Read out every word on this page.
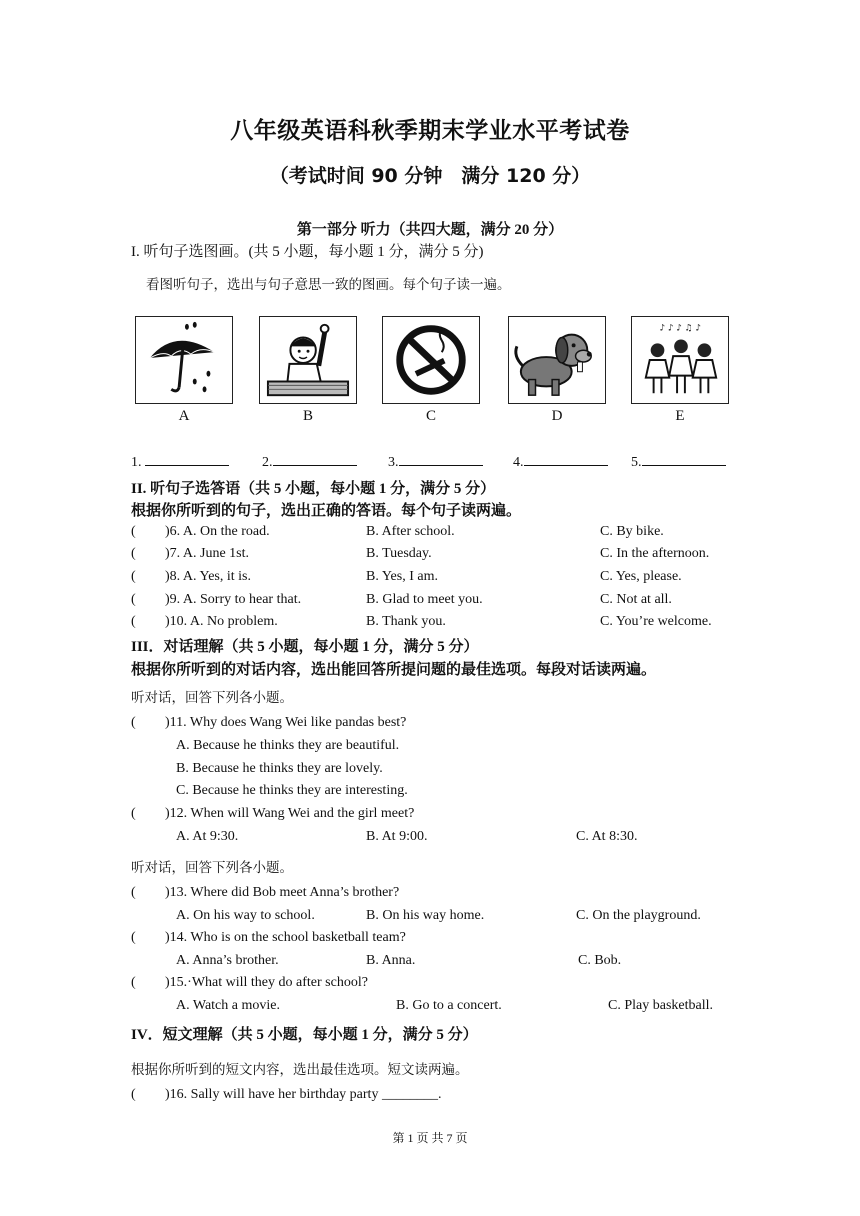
八年级英语科秋季期末学业水平考试卷
（考试时间 90 分钟　满分 120 分）
第一部分 听力（共四大题，满分 20 分）
I. 听句子选图画。(共 5 小题，每小题 1 分，满分 5 分)
看图听句子，选出与句子意思一致的图画。每个句子读一遍。
♪ ♪ ♪ ♫ ♪
A	B	C	D	E
1.	2.	3.	4.	5.
II. 听句子选答语（共 5 小题，每小题 1 分，满分 5 分）
根据你所听到的句子，选出正确的答语。每个句子读两遍。
( )6. A. On the road.	B. After school.	C. By bike.
( )7. A. June 1st.	B. Tuesday.	C. In the afternoon.
( )8. A. Yes, it is.	B. Yes, I am.	C. Yes, please.
( )9. A. Sorry to hear that.	B. Glad to meet you.	C. Not at all.
( )10. A. No problem.	B. Thank you.	C. You’re welcome.
III．对话理解（共 5 小题，每小题 1 分，满分 5 分）
根据你所听到的对话内容，选出能回答所提问题的最佳选项。每段对话读两遍。
听对话，回答下列各小题。
( )11. Why does Wang Wei like pandas best?
A. Because he thinks they are beautiful.
B. Because he thinks they are lovely.
C. Because he thinks they are interesting.
( )12. When will Wang Wei and the girl meet?
A. At 9:30.	B. At 9:00.	C. At 8:30.
听对话，回答下列各小题。
( )13. Where did Bob meet Anna’s brother?
A. On his way to school.	B. On his way home.	C. On the playground.
( )14. Who is on the school basketball team?
A. Anna’s brother.	B. Anna.	C. Bob.
( )15.·What will they do after school?
A. Watch a movie.	B. Go to a concert.	C. Play basketball.
IV．短文理解（共 5 小题，每小题 1 分，满分 5 分）
根据你所听到的短文内容，选出最佳选项。短文读两遍。
( )16. Sally will have her birthday party ________.
第 1 页 共 7 页
